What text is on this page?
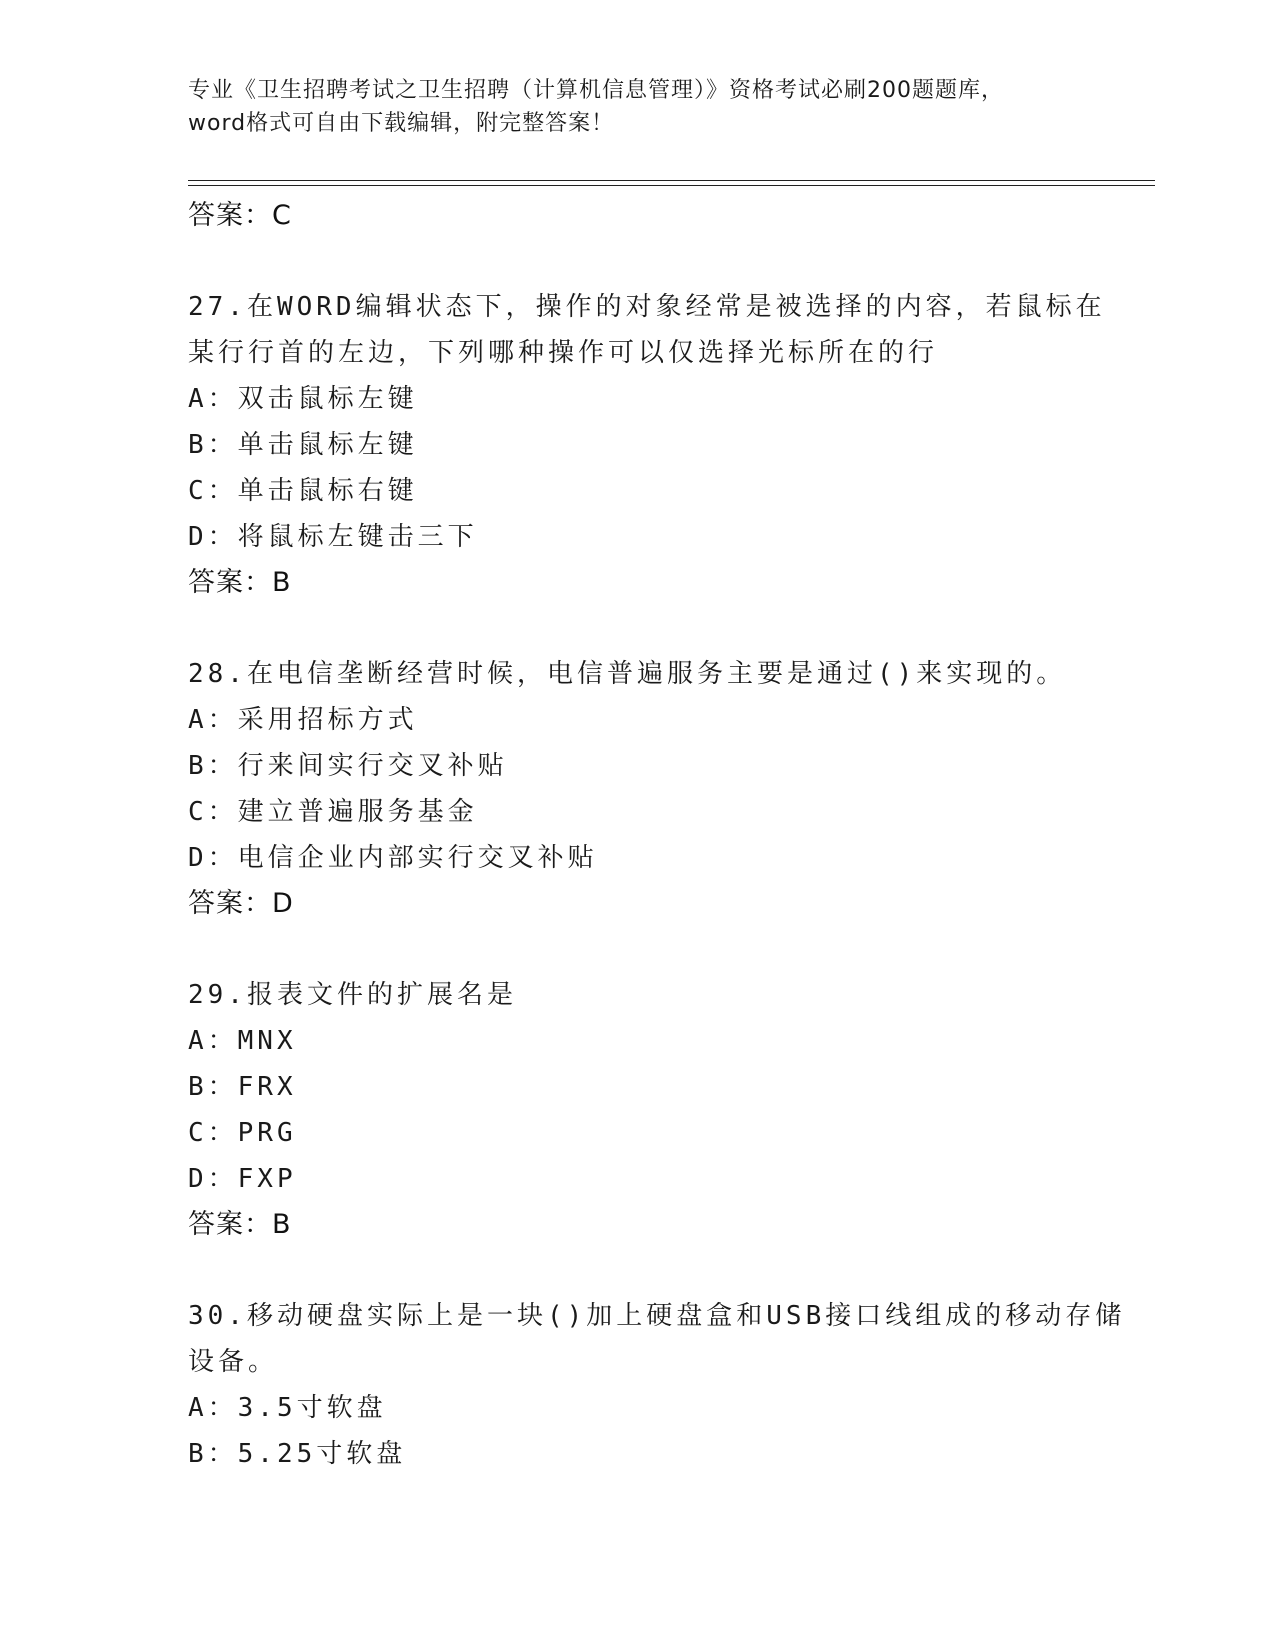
专业《卫生招聘考试之卫生招聘（计算机信息管理）》资格考试必刷200题题库，
word格式可自由下载编辑，附完整答案！
答案：C
27.在WORD编辑状态下，操作的对象经常是被选择的内容，若鼠标在
某行行首的左边，下列哪种操作可以仅选择光标所在的行
A：双击鼠标左键
B：单击鼠标左键
C：单击鼠标右键
D：将鼠标左键击三下
答案：B
28.在电信垄断经营时候，电信普遍服务主要是通过()来实现的。
A：采用招标方式
B：行来间实行交叉补贴
C：建立普遍服务基金
D：电信企业内部实行交叉补贴
答案：D
29.报表文件的扩展名是
A：MNX
B：FRX
C：PRG
D：FXP
答案：B
30.移动硬盘实际上是一块()加上硬盘盒和USB接口线组成的移动存储
设备。
A：3.5寸软盘
B：5.25寸软盘
